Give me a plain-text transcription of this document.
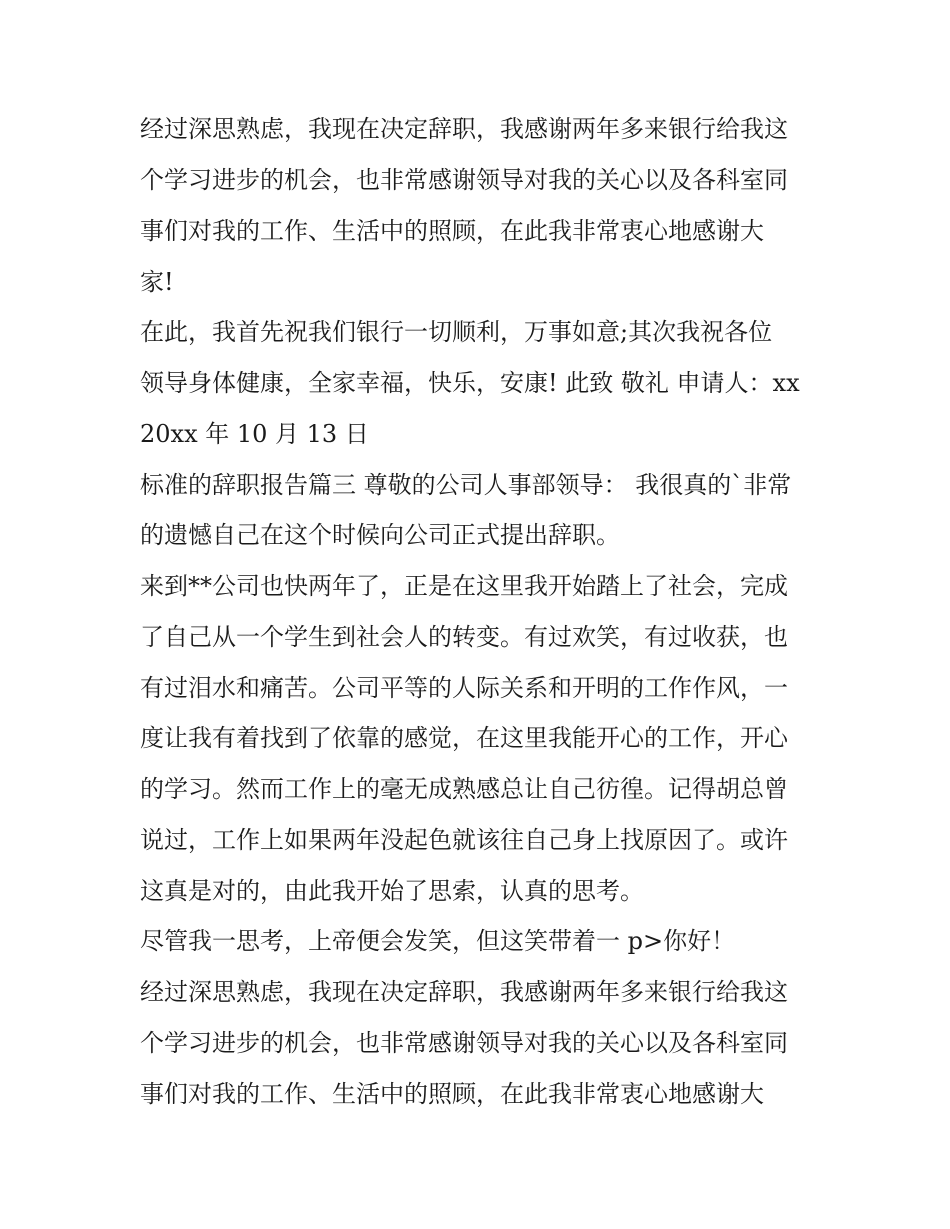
经过深思熟虑，我现在决定辞职，我感谢两年多来银行给我这

个学习进步的机会，也非常感谢领导对我的关心以及各科室同

事们对我的工作、生活中的照顾，在此我非常衷心地感谢大

家!

在此，我首先祝我们银行一切顺利，万事如意;其次我祝各位

领导身体健康，全家幸福，快乐，安康! 此致 敬礼 申请人：xx

20xx 年 10 月 13 日

标准的辞职报告篇三 尊敬的公司人事部领导： 我很真的`非常

的遗憾自己在这个时候向公司正式提出辞职。

来到**公司也快两年了，正是在这里我开始踏上了社会，完成

了自己从一个学生到社会人的转变。有过欢笑，有过收获，也

有过泪水和痛苦。公司平等的人际关系和开明的工作作风，一

度让我有着找到了依靠的感觉，在这里我能开心的工作，开心

的学习。然而工作上的毫无成熟感总让自己彷徨。记得胡总曾

说过，工作上如果两年没起色就该往自己身上找原因了。或许

这真是对的，由此我开始了思索，认真的思考。

尽管我一思考，上帝便会发笑，但这笑带着一 p>你好！

经过深思熟虑，我现在决定辞职，我感谢两年多来银行给我这

个学习进步的机会，也非常感谢领导对我的关心以及各科室同

事们对我的工作、生活中的照顾，在此我非常衷心地感谢大
